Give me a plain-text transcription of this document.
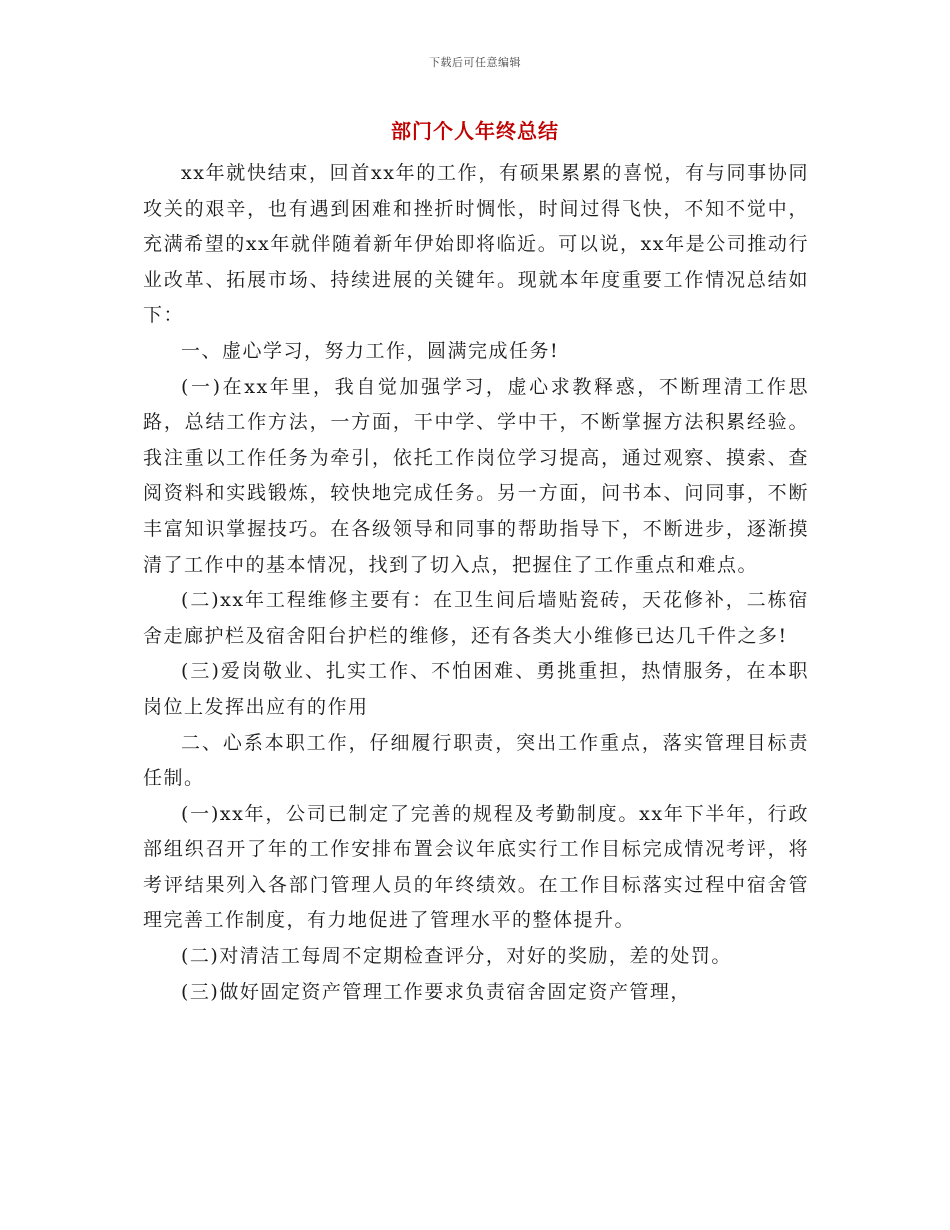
下载后可任意编辑
部门个人年终总结

xx年就快结束，回首xx年的工作，有硕果累累的喜悦，有与同事协同攻关的艰辛，也有遇到困难和挫折时惆怅，时间过得飞快，不知不觉中，充满希望的xx年就伴随着新年伊始即将临近。可以说，xx年是公司推动行业改革、拓展市场、持续进展的关键年。现就本年度重要工作情况总结如下：

一、虚心学习，努力工作，圆满完成任务!

(一)在xx年里，我自觉加强学习，虚心求教释惑，不断理清工作思路，总结工作方法，一方面，干中学、学中干，不断掌握方法积累经验。我注重以工作任务为牵引，依托工作岗位学习提高，通过观察、摸索、查阅资料和实践锻炼，较快地完成任务。另一方面，问书本、问同事，不断丰富知识掌握技巧。在各级领导和同事的帮助指导下，不断进步，逐渐摸清了工作中的基本情况，找到了切入点，把握住了工作重点和难点。

(二)xx年工程维修主要有：在卫生间后墙贴瓷砖，天花修补，二栋宿舍走廊护栏及宿舍阳台护栏的维修，还有各类大小维修已达几千件之多!

(三)爱岗敬业、扎实工作、不怕困难、勇挑重担，热情服务，在本职岗位上发挥出应有的作用

二、心系本职工作，仔细履行职责，突出工作重点，落实管理目标责任制。

(一)xx年，公司已制定了完善的规程及考勤制度。xx年下半年，行政部组织召开了年的工作安排布置会议年底实行工作目标完成情况考评，将考评结果列入各部门管理人员的年终绩效。在工作目标落实过程中宿舍管理完善工作制度，有力地促进了管理水平的整体提升。

(二)对清洁工每周不定期检查评分，对好的奖励，差的处罚。

(三)做好固定资产管理工作要求负责宿舍固定资产管理，
